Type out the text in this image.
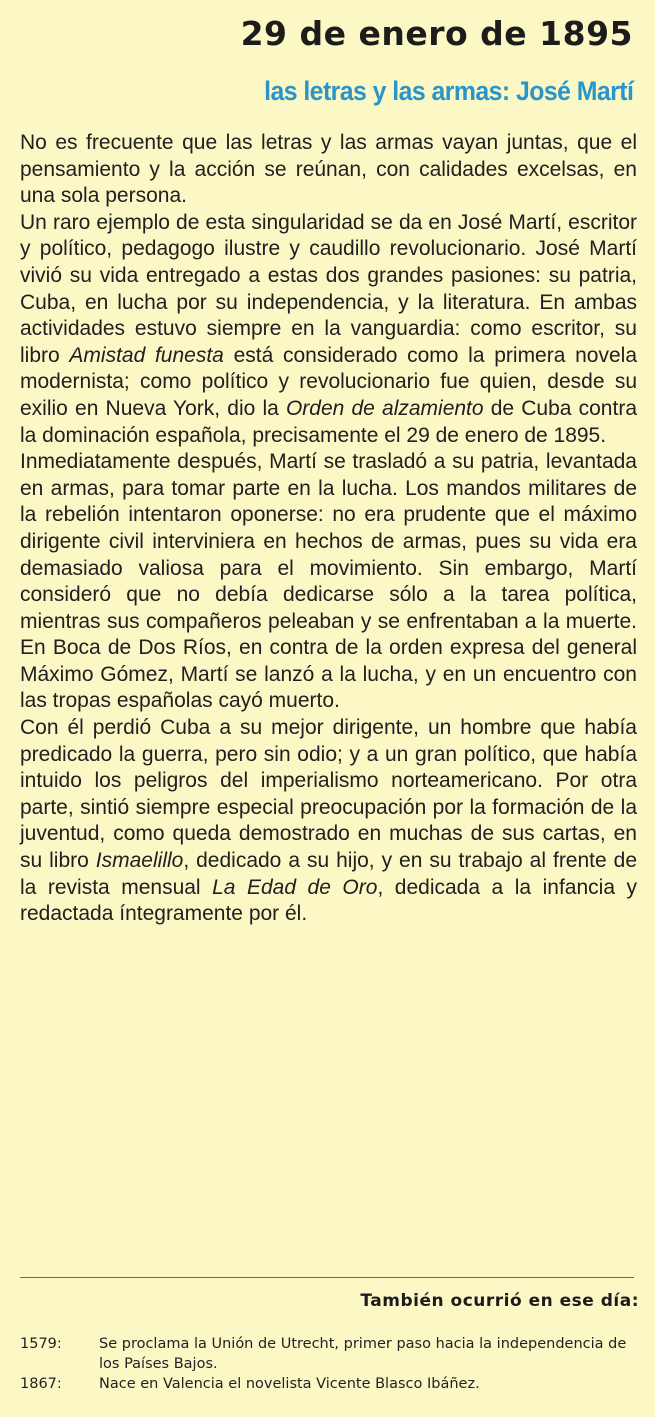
29 de enero de 1895
las letras y las armas: José Martí

No es frecuente que las letras y las armas vayan juntas, que el pensamiento y la acción se reúnan, con calidades excelsas, en una sola persona.

Un raro ejemplo de esta singularidad se da en José Martí, escritor y político, pedagogo ilustre y caudillo revolucionario. José Martí vivió su vida entregado a estas dos grandes pasiones: su patria, Cuba, en lucha por su independencia, y la literatura. En ambas actividades estuvo siempre en la vanguardia: como escritor, su libro Amistad funesta está considerado como la primera novela modernista; como político y revolucionario fue quien, desde su exilio en Nueva York, dio la Orden de alzamiento de Cuba contra la dominación española, precisamente el 29 de enero de 1895.

Inmediatamente después, Martí se trasladó a su patria, levantada en armas, para tomar parte en la lucha. Los mandos militares de la rebelión intentaron oponerse: no era prudente que el máximo dirigente civil interviniera en hechos de armas, pues su vida era demasiado valiosa para el movimiento. Sin embargo, Martí consideró que no debía dedicarse sólo a la tarea política, mientras sus compañeros peleaban y se enfrentaban a la muerte. En Boca de Dos Ríos, en contra de la orden expresa del general Máximo Gómez, Martí se lanzó a la lucha, y en un encuentro con las tropas españolas cayó muerto.

Con él perdió Cuba a su mejor dirigente, un hombre que había predicado la guerra, pero sin odio; y a un gran político, que había intuido los peligros del imperialismo norteamericano. Por otra parte, sintió siempre especial preocupación por la formación de la juventud, como queda demostrado en muchas de sus cartas, en su libro Ismaelillo, dedicado a su hijo, y en su trabajo al frente de la revista mensual La Edad de Oro, dedicada a la infancia y redactada íntegramente por él.

También ocurrió en ese día:
1579:	Se proclama la Unión de Utrecht, primer paso hacia la independencia de los Países Bajos.
1867:	Nace en Valencia el novelista Vicente Blasco Ibáñez.
